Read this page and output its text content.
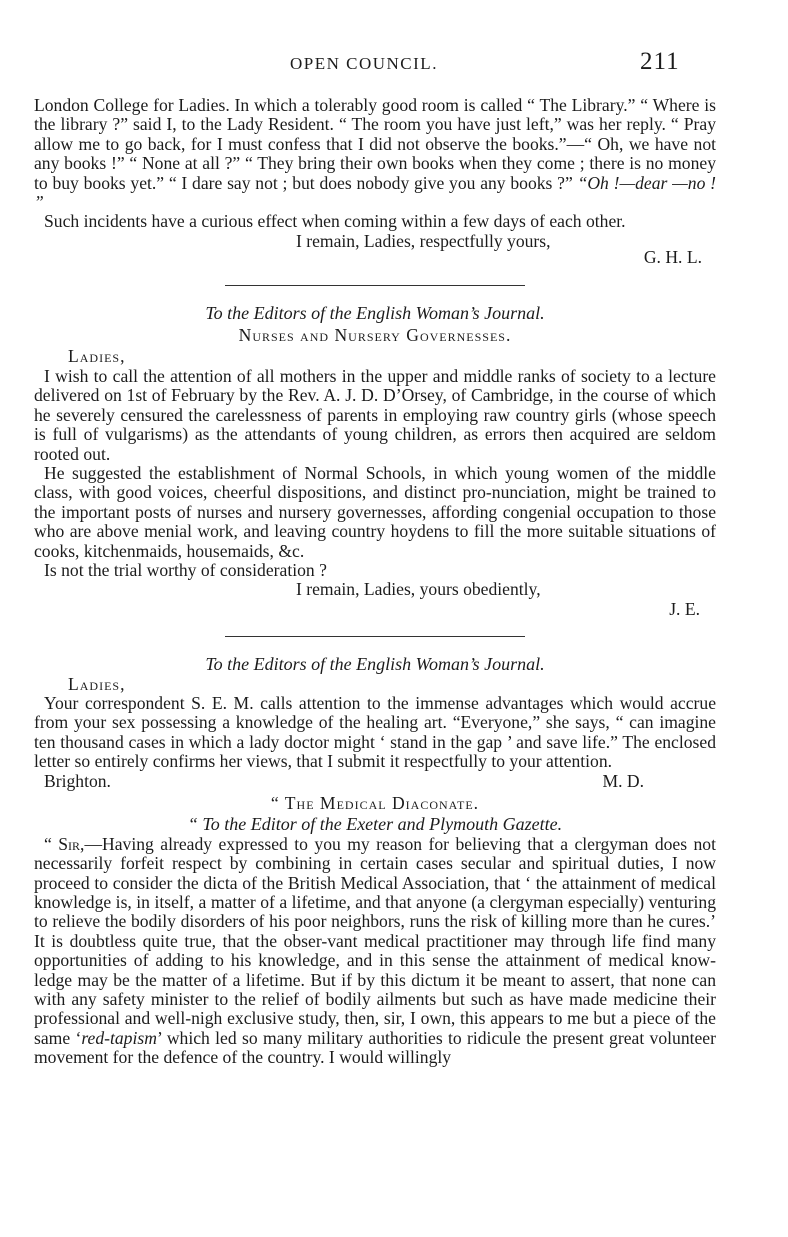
OPEN COUNCIL.	211

London College for Ladies. In which a tolerably good room is called “ The Library.” “ Where is the library ?” said I, to the Lady Resident. “ The room you have just left,” was her reply. “ Pray allow me to go back, for I must confess that I did not observe the books.”—“ Oh, we have not any books !” “ None at all ?” “ They bring their own books when they come ; there is no money to buy books yet.” “ I dare say not ; but does nobody give you any books ?” “Oh !—dear —no ! ”

Such incidents have a curious effect when coming within a few days of each other.

I remain, Ladies, respectfully yours,

G. H. L.

To the Editors of the English Woman’s Journal.

Nurses and Nursery Governesses.

Ladies,

I wish to call the attention of all mothers in the upper and middle ranks of society to a lecture delivered on 1st of February by the Rev. A. J. D. D’Orsey, of Cambridge, in the course of which he severely censured the carelessness of parents in employing raw country girls (whose speech is full of vulgarisms) as the attendants of young children, as errors then acquired are seldom rooted out.

He suggested the establishment of Normal Schools, in which young women of the middle class, with good voices, cheerful dispositions, and distinct pro-nunciation, might be trained to the important posts of nurses and nursery governesses, affording congenial occupation to those who are above menial work, and leaving country hoydens to fill the more suitable situations of cooks, kitchenmaids, housemaids, &c.

Is not the trial worthy of consideration ?

I remain, Ladies, yours obediently,

J. E.

To the Editors of the English Woman’s Journal.

Ladies,

Your correspondent S. E. M. calls attention to the immense advantages which would accrue from your sex possessing a knowledge of the healing art. “Everyone,” she says, “ can imagine ten thousand cases in which a lady doctor might ‘ stand in the gap ’ and save life.” The enclosed letter so entirely confirms her views, that I submit it respectfully to your attention.

Brighton.	M. D.

“ The Medical Diaconate.

“ To the Editor of the Exeter and Plymouth Gazette.

“ Sir,—Having already expressed to you my reason for believing that a clergyman does not necessarily forfeit respect by combining in certain cases secular and spiritual duties, I now proceed to consider the dicta of the British Medical Association, that ‘ the attainment of medical knowledge is, in itself, a matter of a lifetime, and that anyone (a clergyman especially) venturing to relieve the bodily disorders of his poor neighbors, runs the risk of killing more than he cures.’ It is doubtless quite true, that the obser-vant medical practitioner may through life find many opportunities of adding to his knowledge, and in this sense the attainment of medical know-ledge may be the matter of a lifetime. But if by this dictum it be meant to assert, that none can with any safety minister to the relief of bodily ailments but such as have made medicine their professional and well-nigh exclusive study, then, sir, I own, this appears to me but a piece of the same ‘red-tapism’ which led so many military authorities to ridicule the present great volunteer movement for the defence of the country. I would willingly
